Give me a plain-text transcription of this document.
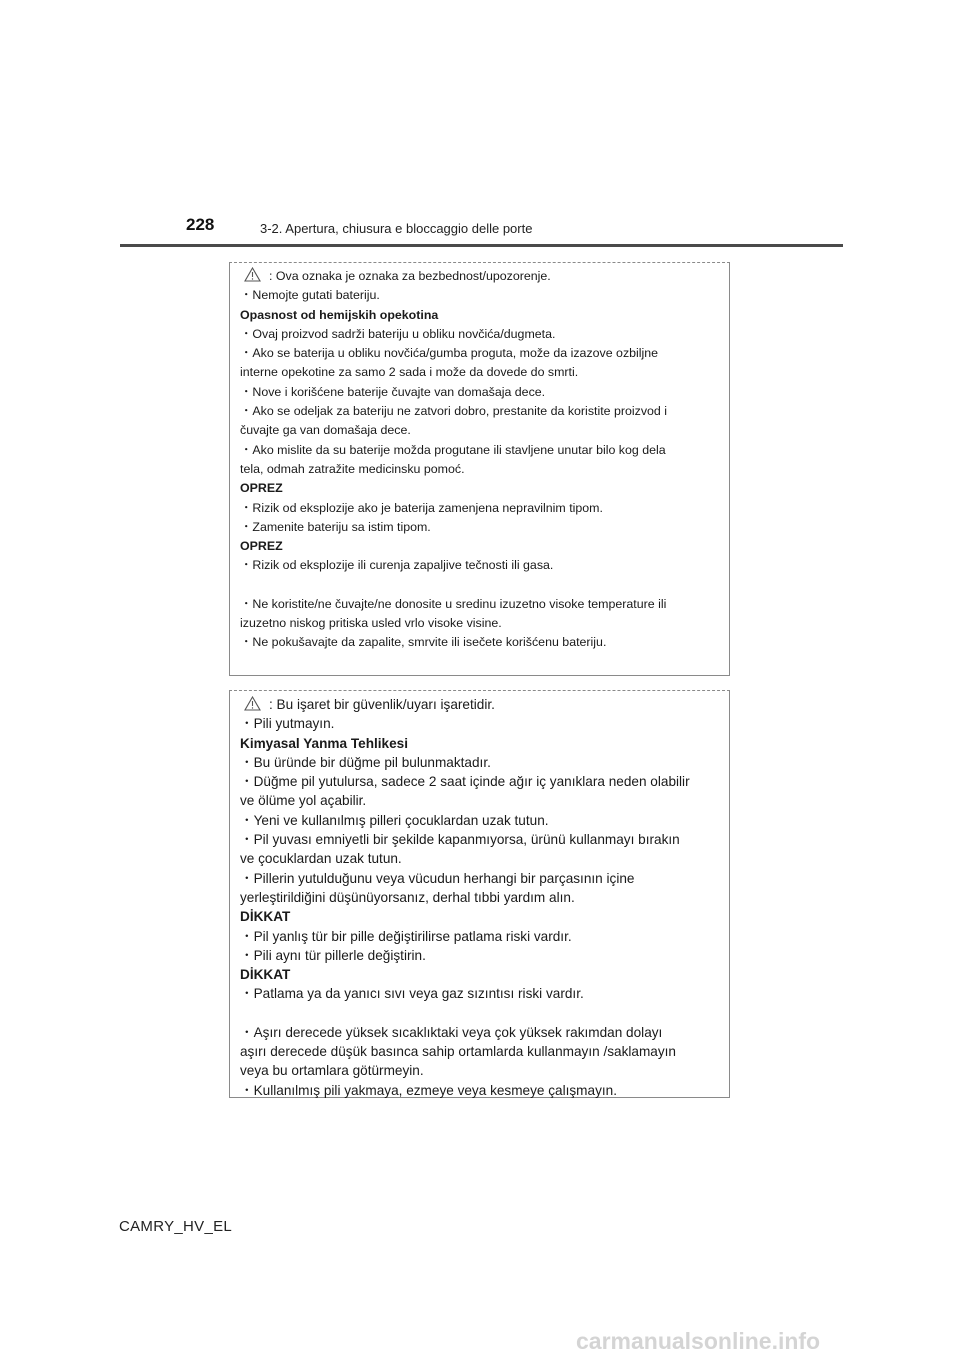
228	3-2. Apertura, chiusura e bloccaggio delle porte
: Ova oznaka je oznaka za bezbednost/upozorenje.
・Nemojte gutati bateriju.
Opasnost od hemijskih opekotina
・Ovaj proizvod sadrži bateriju u obliku novčića/dugmeta.
・Ako se baterija u obliku novčića/gumba proguta, može da izazove ozbiljne
interne opekotine za samo 2 sada i može da dovede do smrti.
・Nove i korišćene baterije čuvajte van domašaja dece.
・Ako se odeljak za bateriju ne zatvori dobro, prestanite da koristite proizvod i
čuvajte ga van domašaja dece.
・Ako mislite da su baterije možda progutane ili stavljene unutar bilo kog dela
tela, odmah zatražite medicinsku pomoć.
OPREZ
・Rizik od eksplozije ako je baterija zamenjena nepravilnim tipom.
・Zamenite bateriju sa istim tipom.
OPREZ
・Rizik od eksplozije ili curenja zapaljive tečnosti ili gasa.
・Ne koristite/ne čuvajte/ne donosite u sredinu izuzetno visoke temperature ili
izuzetno niskog pritiska usled vrlo visoke visine.
・Ne pokušavajte da zapalite, smrvite ili isečete korišćenu bateriju.
: Bu işaret bir güvenlik/uyarı işaretidir.
・Pili yutmayın.
Kimyasal Yanma Tehlikesi
・Bu üründe bir düğme pil bulunmaktadır.
・Düğme pil yutulursa, sadece 2 saat içinde ağır iç yanıklara neden olabilir
ve ölüme yol açabilir.
・Yeni ve kullanılmış pilleri çocuklardan uzak tutun.
・Pil yuvası emniyetli bir şekilde kapanmıyorsa, ürünü kullanmayı bırakın
ve çocuklardan uzak tutun.
・Pillerin yutulduğunu veya vücudun herhangi bir parçasının içine
yerleştirildiğini düşünüyorsanız, derhal tıbbi yardım alın.
DİKKAT
・Pil yanlış tür bir pille değiştirilirse patlama riski vardır.
・Pili aynı tür pillerle değiştirin.
DİKKAT
・Patlama ya da yanıcı sıvı veya gaz sızıntısı riski vardır.
・Aşırı derecede yüksek sıcaklıktaki veya çok yüksek rakımdan dolayı
aşırı derecede düşük basınca sahip ortamlarda kullanmayın /saklamayın
veya bu ortamlara götürmeyin.
・Kullanılmış pili yakmaya, ezmeye veya kesmeye çalışmayın.
CAMRY_HV_EL
carmanualsonline.info
